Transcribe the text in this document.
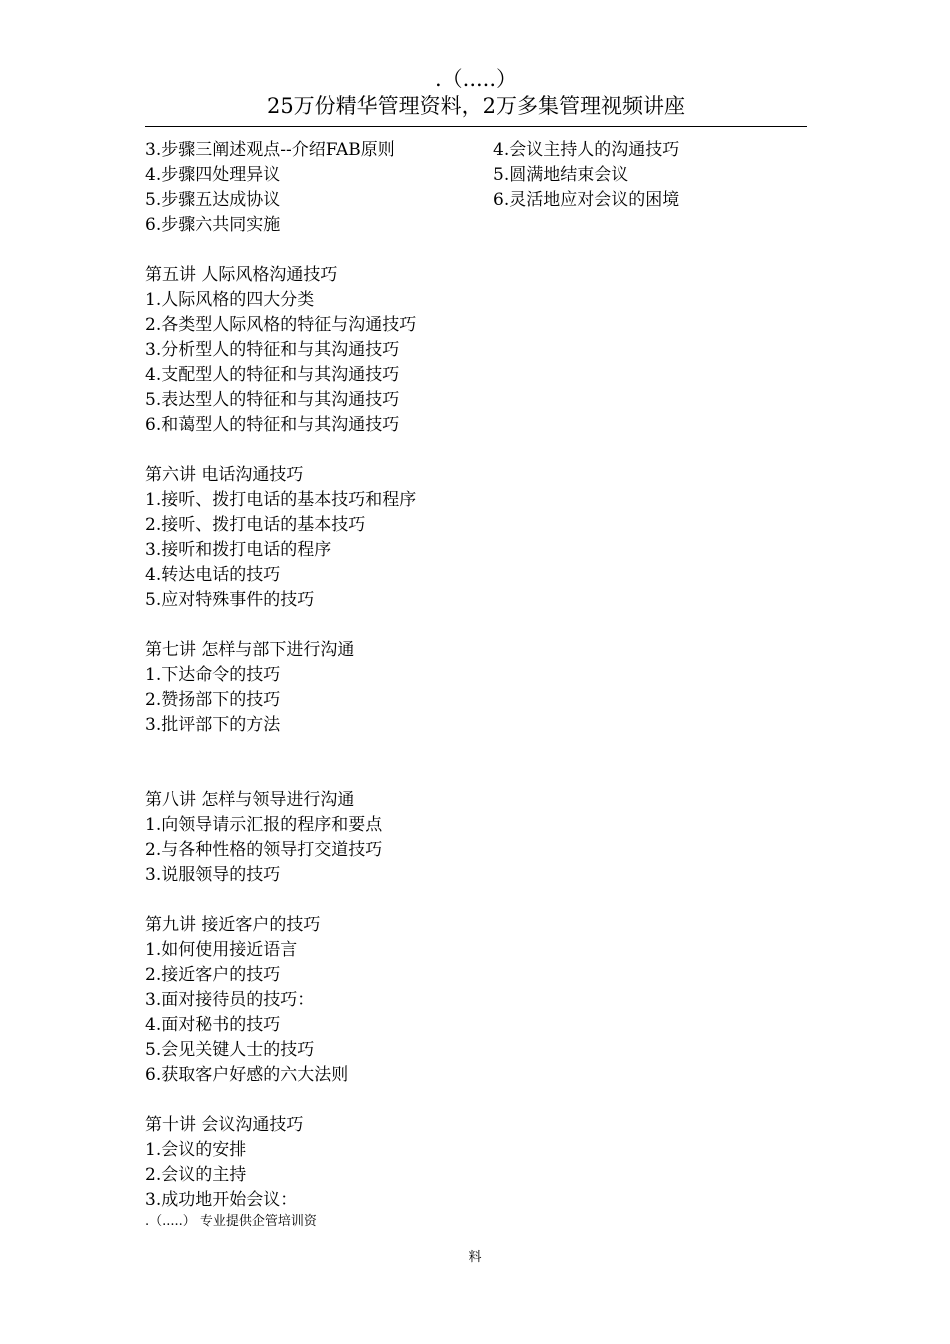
.（.....）
25万份精华管理资料，2万多集管理视频讲座
3.步骤三阐述观点--介绍FAB原则
4.步骤四处理异议
5.步骤五达成协议
6.步骤六共同实施
第五讲 人际风格沟通技巧
1.人际风格的四大分类
2.各类型人际风格的特征与沟通技巧
3.分析型人的特征和与其沟通技巧
4.支配型人的特征和与其沟通技巧
5.表达型人的特征和与其沟通技巧
6.和蔼型人的特征和与其沟通技巧
第六讲 电话沟通技巧
1.接听、拨打电话的基本技巧和程序
2.接听、拨打电话的基本技巧
3.接听和拨打电话的程序
4.转达电话的技巧
5.应对特殊事件的技巧
第七讲 怎样与部下进行沟通
1.下达命令的技巧
2.赞扬部下的技巧
3.批评部下的方法
第八讲 怎样与领导进行沟通
1.向领导请示汇报的程序和要点
2.与各种性格的领导打交道技巧
3.说服领导的技巧
第九讲 接近客户的技巧
1.如何使用接近语言
2.接近客户的技巧
3.面对接待员的技巧：
4.面对秘书的技巧
5.会见关键人士的技巧
6.获取客户好感的六大法则
第十讲 会议沟通技巧
1.会议的安排
2.会议的主持
3.成功地开始会议：
4.会议主持人的沟通技巧
5.圆满地结束会议
6.灵活地应对会议的困境
.（.....） 专业提供企管培训资
料
